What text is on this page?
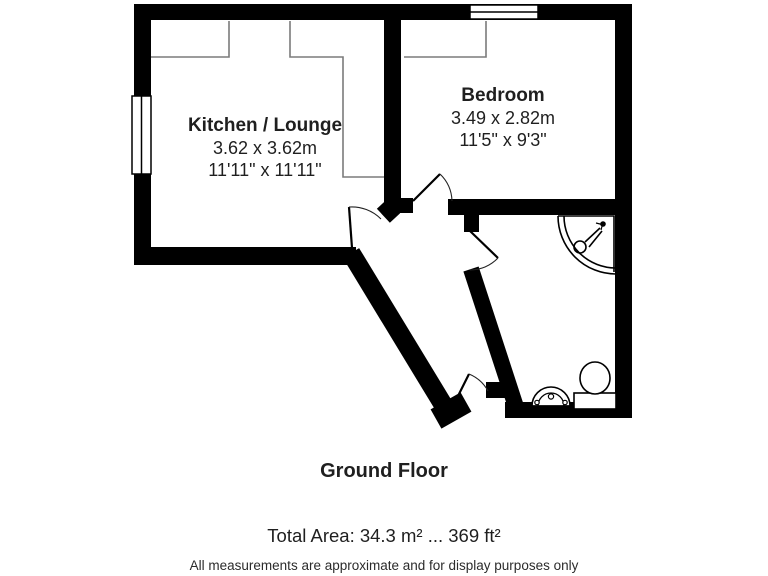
Kitchen / Lounge
3.62 x 3.62m
11'11" x 11'11"
Bedroom
3.49 x 2.82m
11'5" x 9'3"
Ground Floor
Total Area: 34.3 m² ... 369 ft²
All measurements are approximate and for display purposes only
